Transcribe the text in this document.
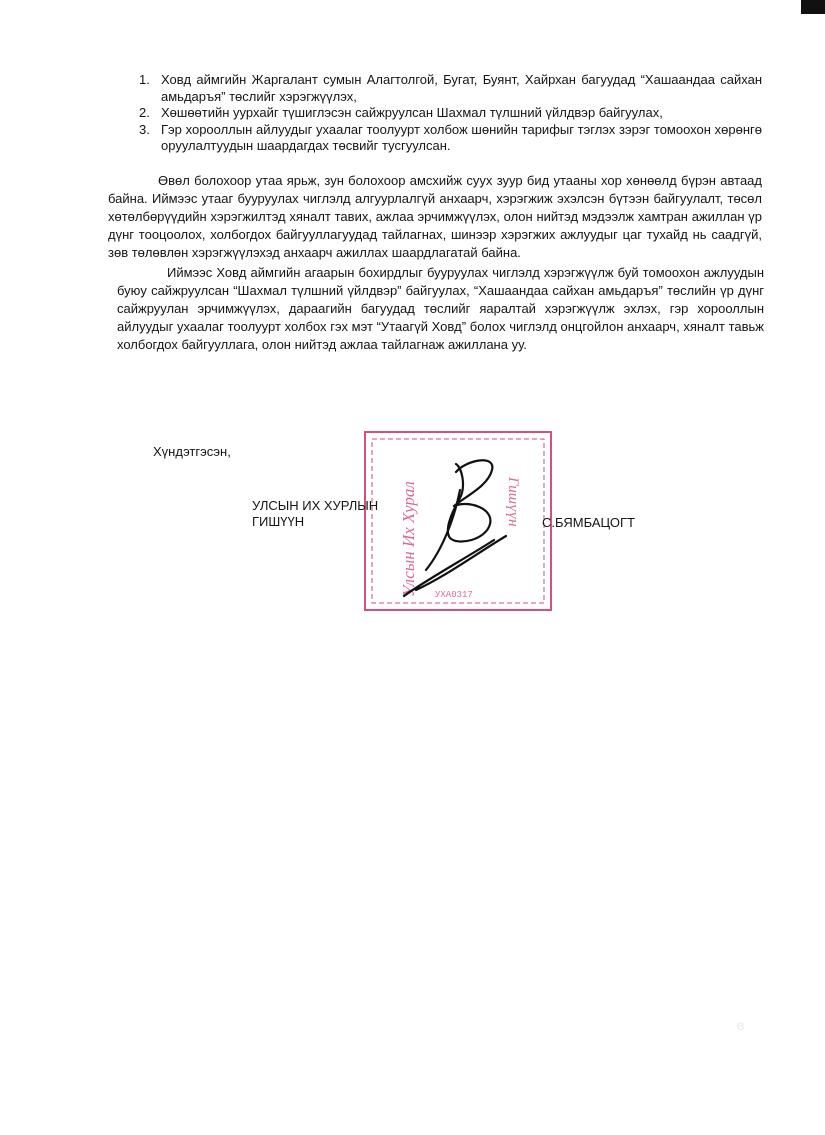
1. Ховд аймгийн Жаргалант сумын Алагтолгой, Бугат, Буянт, Хайрхан багуудад “Хашаандаа сайхан амьдаръя” төслийг хэрэгжүүлэх,
2. Хөшөөтийн уурхайг түшиглэсэн сайжруулсан Шахмал түлшний үйлдвэр байгуулах,
3. Гэр хорооллын айлуудыг ухаалаг тоолуурт холбож шөнийн тарифыг тэглэх зэрэг томоохон хөрөнгө оруулалтуудын шаардагдах төсвийг тусгуулсан.

Өвөл болохоор утаа ярьж, зун болохоор амсхийж суух зуур бид утааны хор хөнөөлд бүрэн автаад байна. Иймээс утааг бууруулах чиглэлд алгуурлалгүй анхаарч, хэрэгжиж эхэлсэн бүтээн байгуулалт, төсөл хөтөлбөрүүдийн хэрэгжилтэд хяналт тавих, ажлаа эрчимжүүлэх, олон нийтэд мэдээлж хамтран ажиллан үр дүнг тооцоолох, холбогдох байгууллагуудад тайлагнах, шинээр хэрэгжих ажлуудыг цаг тухайд нь саадгүй, зөв төлөвлөн хэрэгжүүлэхэд анхаарч ажиллах шаардлагатай байна.

Иймээс Ховд аймгийн агаарын бохирдлыг бууруулах чиглэлд хэрэгжүүлж буй томоохон ажлуудын буюу сайжруулсан “Шахмал түлшний үйлдвэр” байгуулах, “Хашаандаа сайхан амьдаръя” төслийн үр дүнг сайжруулан эрчимжүүлэх, дараагийн багуудад төслийг яаралтай хэрэгжүүлж эхлэх, гэр хорооллын айлуудыг ухаалаг тоолуурт холбох гэх мэт “Утаагүй Ховд” болох чиглэлд онцгойлон анхаарч, хяналт тавьж холбогдох байгууллага, олон нийтэд ажлаа тайлагнаж ажиллана уу.

Хүндэтгэсэн,
Улсын Их Хурал	Гишүүн
УХА0317
УЛСЫН ИХ ХУРЛЫН
ГИШҮҮН	С.БЯМБАЦОГТ
ɞ
